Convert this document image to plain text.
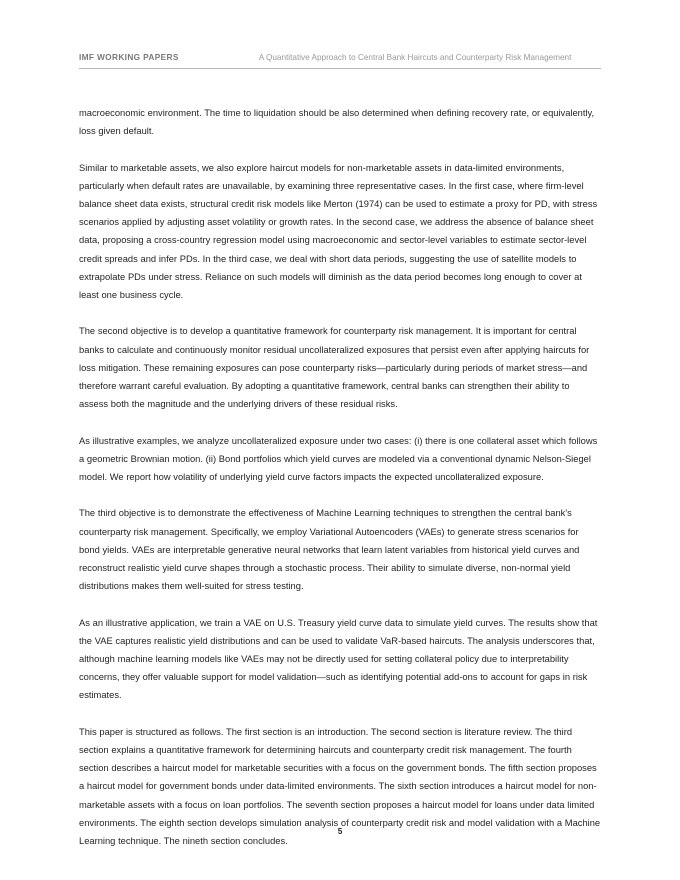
IMF WORKING PAPERS	A Quantitative Approach to Central Bank Haircuts and Counterparty Risk Management

macroeconomic environment. The time to liquidation should be also determined when defining recovery rate, or equivalently, loss given default.

Similar to marketable assets, we also explore haircut models for non-marketable assets in data-limited environments, particularly when default rates are unavailable, by examining three representative cases. In the first case, where firm-level balance sheet data exists, structural credit risk models like Merton (1974) can be used to estimate a proxy for PD, with stress scenarios applied by adjusting asset volatility or growth rates. In the second case, we address the absence of balance sheet data, proposing a cross-country regression model using macroeconomic and sector-level variables to estimate sector-level credit spreads and infer PDs. In the third case, we deal with short data periods, suggesting the use of satellite models to extrapolate PDs under stress. Reliance on such models will diminish as the data period becomes long enough to cover at least one business cycle.

The second objective is to develop a quantitative framework for counterparty risk management. It is important for central banks to calculate and continuously monitor residual uncollateralized exposures that persist even after applying haircuts for loss mitigation. These remaining exposures can pose counterparty risks—particularly during periods of market stress—and therefore warrant careful evaluation. By adopting a quantitative framework, central banks can strengthen their ability to assess both the magnitude and the underlying drivers of these residual risks.

As illustrative examples, we analyze uncollateralized exposure under two cases: (i) there is one collateral asset which follows a geometric Brownian motion. (ii) Bond portfolios which yield curves are modeled via a conventional dynamic Nelson-Siegel model. We report how volatility of underlying yield curve factors impacts the expected uncollateralized exposure.

The third objective is to demonstrate the effectiveness of Machine Learning techniques to strengthen the central bank's counterparty risk management. Specifically, we employ Variational Autoencoders (VAEs) to generate stress scenarios for bond yields. VAEs are interpretable generative neural networks that learn latent variables from historical yield curves and reconstruct realistic yield curve shapes through a stochastic process. Their ability to simulate diverse, non-normal yield distributions makes them well-suited for stress testing.

As an illustrative application, we train a VAE on U.S. Treasury yield curve data to simulate yield curves. The results show that the VAE captures realistic yield distributions and can be used to validate VaR-based haircuts. The analysis underscores that, although machine learning models like VAEs may not be directly used for setting collateral policy due to interpretability concerns, they offer valuable support for model validation—such as identifying potential add-ons to account for gaps in risk estimates.

This paper is structured as follows. The first section is an introduction. The second section is literature review. The third section explains a quantitative framework for determining haircuts and counterparty credit risk management. The fourth section describes a haircut model for marketable securities with a focus on the government bonds. The fifth section proposes a haircut model for government bonds under data-limited environments. The sixth section introduces a haircut model for non-marketable assets with a focus on loan portfolios. The seventh section proposes a haircut model for loans under data limited environments. The eighth section develops simulation analysis of counterparty credit risk and model validation with a Machine Learning technique. The nineth section concludes.

5
